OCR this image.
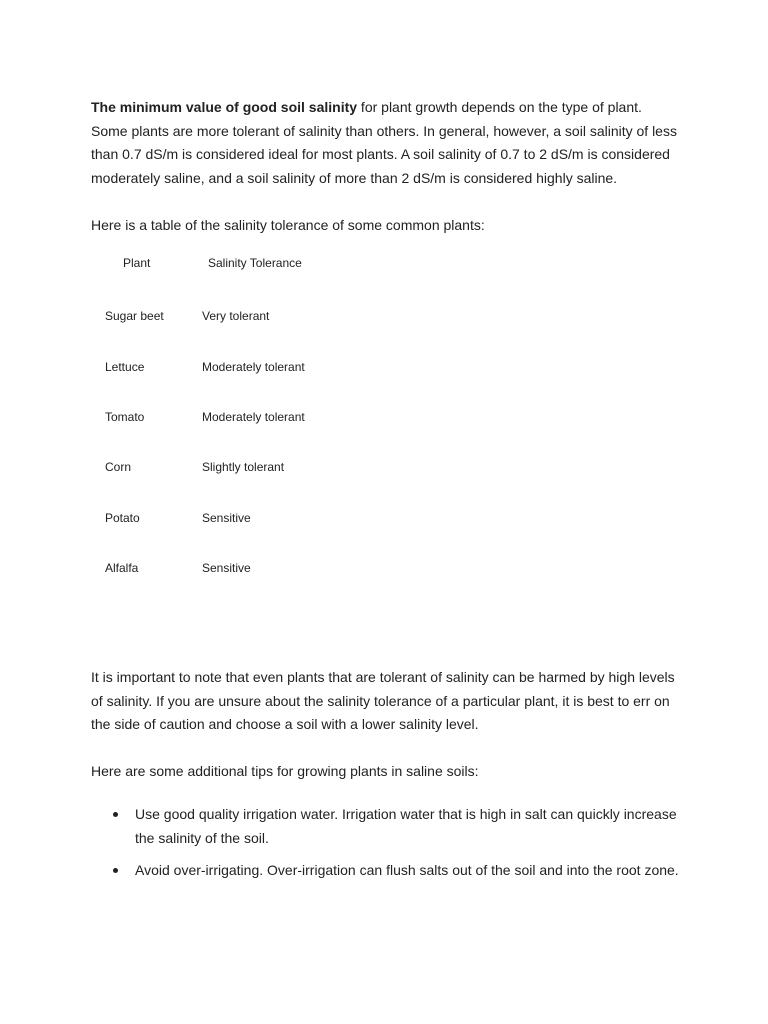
The minimum value of good soil salinity for plant growth depends on the type of plant. Some plants are more tolerant of salinity than others. In general, however, a soil salinity of less than 0.7 dS/m is considered ideal for most plants. A soil salinity of 0.7 to 2 dS/m is considered moderately saline, and a soil salinity of more than 2 dS/m is considered highly saline.

Here is a table of the salinity tolerance of some common plants:

Plant	Salinity Tolerance
Sugar beet	Very tolerant
Lettuce	Moderately tolerant
Tomato	Moderately tolerant
Corn	Slightly tolerant
Potato	Sensitive
Alfalfa	Sensitive

It is important to note that even plants that are tolerant of salinity can be harmed by high levels of salinity. If you are unsure about the salinity tolerance of a particular plant, it is best to err on the side of caution and choose a soil with a lower salinity level.

Here are some additional tips for growing plants in saline soils:

Use good quality irrigation water. Irrigation water that is high in salt can quickly increase the salinity of the soil.
Avoid over-irrigating. Over-irrigation can flush salts out of the soil and into the root zone.
